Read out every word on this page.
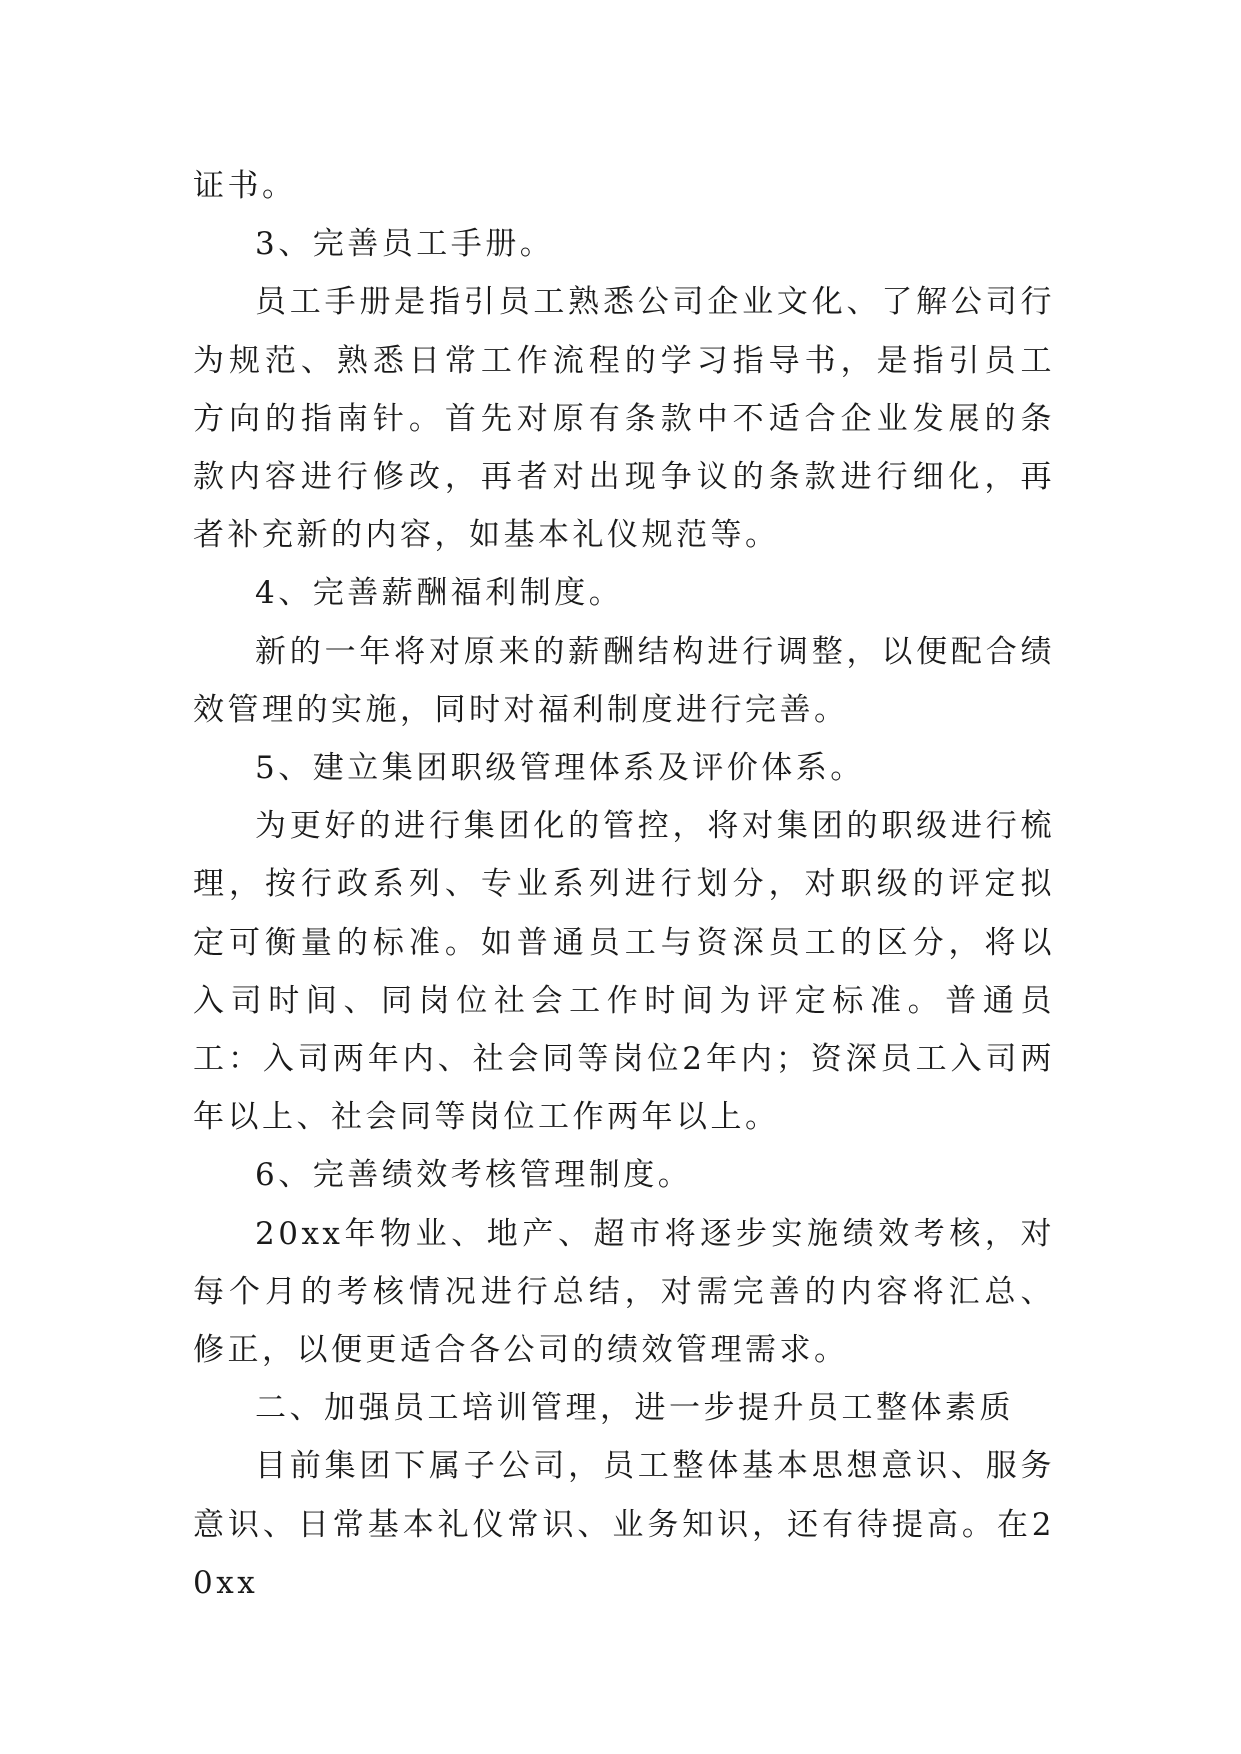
证书。

3、完善员工手册。

员工手册是指引员工熟悉公司企业文化、了解公司行为规范、熟悉日常工作流程的学习指导书，是指引员工方向的指南针。首先对原有条款中不适合企业发展的条款内容进行修改，再者对出现争议的条款进行细化，再者补充新的内容，如基本礼仪规范等。

4、完善薪酬福利制度。

新的一年将对原来的薪酬结构进行调整，以便配合绩效管理的实施，同时对福利制度进行完善。

5、建立集团职级管理体系及评价体系。

为更好的进行集团化的管控，将对集团的职级进行梳理，按行政系列、专业系列进行划分，对职级的评定拟定可衡量的标准。如普通员工与资深员工的区分，将以入司时间、同岗位社会工作时间为评定标准。普通员工：入司两年内、社会同等岗位2年内；资深员工入司两年以上、社会同等岗位工作两年以上。

6、完善绩效考核管理制度。

20xx年物业、地产、超市将逐步实施绩效考核，对每个月的考核情况进行总结，对需完善的内容将汇总、修正，以便更适合各公司的绩效管理需求。

二、加强员工培训管理，进一步提升员工整体素质

目前集团下属子公司，员工整体基本思想意识、服务意识、日常基本礼仪常识、业务知识，还有待提高。在20xx
